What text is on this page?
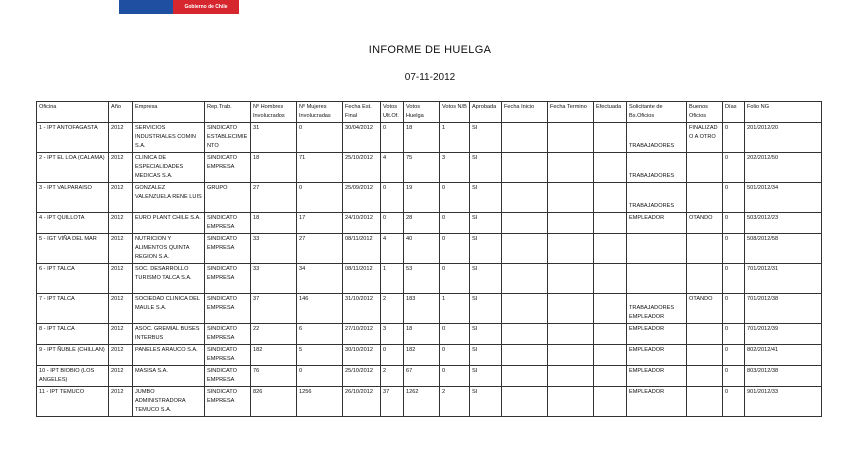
Gobierno de Chile
INFORME DE HUELGA
07-11-2012
Oficina	Año	Empresa	Rep.Trab.	Nº Hombres Involucrados	Nº Mujeres Involucradas	Fecha Est. Final	Votos Ult.Of.	Votos Huelga	Votos N/B	Aprobada	Fecha Inicio	Fecha Termino	Efectuada	Solicitante de Bs.Oficios	Buenos Oficios	Días	Folio NG
1 - IPT ANTOFAGASTA	2012	SERVICIOS INDUSTRIALES COMIN S.A.	SINDICATO ESTABLECIMIENTO	31	0	30/04/2012	0	18	1	SI				TRABAJADORES	FINALIZADO A OTRO	0	201/2012/20
2 - IPT EL LOA (CALAMA)	2012	CLINICA DE ESPECIALIDADES MEDICAS S.A.	SINDICATO EMPRESA	18	71	25/10/2012	4	75	3	SI				TRABAJADORES		0	202/2012/50
3 - IPT VALPARAISO	2012	GONZALEZ VALENZUELA RENE LUIS	GRUPO	27	0	25/09/2012	0	19	0	SI				TRABAJADORES		0	501/2012/34
4 - IPT QUILLOTA	2012	EURO PLANT CHILE S.A.	SINDICATO EMPRESA	18	17	24/10/2012	0	28	0	SI				EMPLEADOR	OTANDO	0	503/2012/23
5 - IGT VIÑA DEL MAR	2012	NUTRICION Y ALIMENTOS QUINTA REGION S.A.	SINDICATO EMPRESA	33	27	08/11/2012	4	40	0	SI						0	508/2012/58
6 - IPT TALCA	2012	SOC. DESARROLLO TURISMO TALCA S.A.	SINDICATO EMPRESA	33	34	08/11/2012	1	53	0	SI						0	701/2012/31
7 - IPT TALCA	2012	SOCIEDAD CLINICA DEL MAULE S.A.	SINDICATO EMPRESA	37	146	31/10/2012	2	183	1	SI				TRABAJADORES EMPLEADOR	OTANDO	0	701/2012/38
8 - IPT TALCA	2012	ASOC. GREMIAL BUSES INTERBUS	SINDICATO EMPRESA	22	6	27/10/2012	3	18	0	SI				EMPLEADOR		0	701/2012/39
9 - IPT ÑUBLE (CHILLAN)	2012	PANELES ARAUCO S.A.	SINDICATO EMPRESA	182	5	30/10/2012	0	182	0	SI				EMPLEADOR		0	802/2012/41
10 - IPT BIOBIO (LOS ANGELES)	2012	MASISA S.A.	SINDICATO EMPRESA	76	0	25/10/2012	2	67	0	SI				EMPLEADOR		0	803/2012/38
11 - IPT TEMUCO	2012	JUMBO ADMINISTRADORA TEMUCO S.A.	SINDICATO EMPRESA	826	1256	26/10/2012	37	1262	2	SI				EMPLEADOR		0	901/2012/33
